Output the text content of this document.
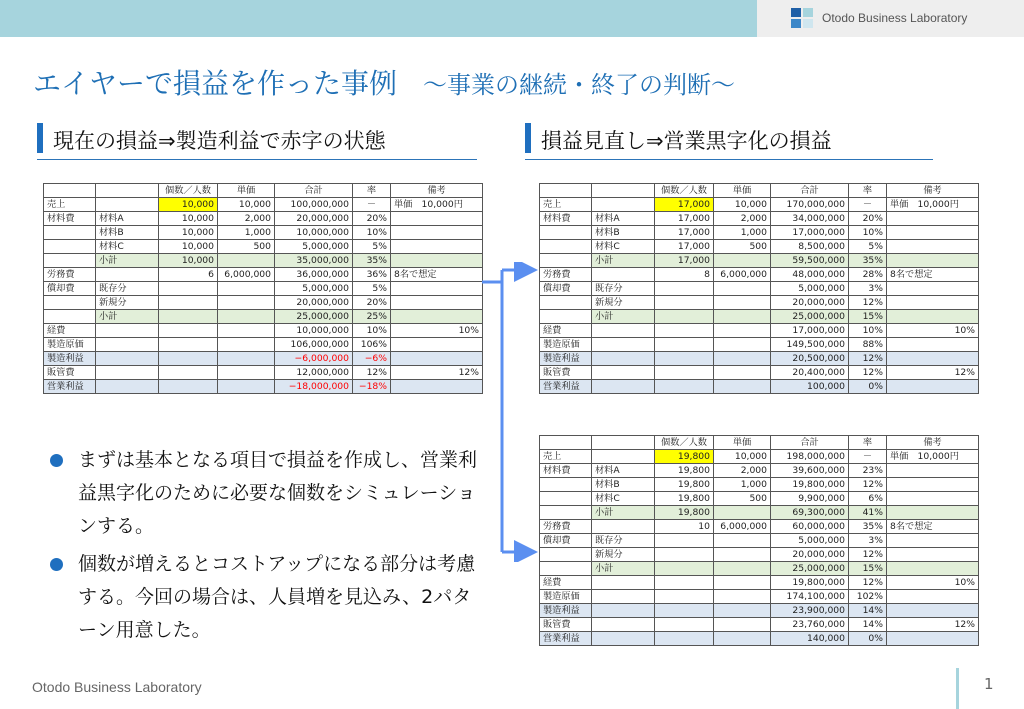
Otodo Business Laboratory
エイヤーで損益を作った事例 ～事業の継続・終了の判断～
現在の損益⇒製造利益で赤字の状態	損益見直し⇒営業黒字化の損益
		個数／人数	単価	合計	率	備考
売上		10,000	10,000	100,000,000	－	単価　10,000円
材料費	材料A	10,000	2,000	20,000,000	20%	
	材料B	10,000	1,000	10,000,000	10%	
	材料C	10,000	500	5,000,000	5%	
	小計	10,000		35,000,000	35%	
労務費		6	6,000,000	36,000,000	36%	8名で想定
償却費	既存分			5,000,000	5%	
	新規分			20,000,000	20%	
	小計			25,000,000	25%	
経費				10,000,000	10%	10%
製造原価				106,000,000	106%	
製造利益				−6,000,000	−6%	
販管費				12,000,000	12%	12%
営業利益				−18,000,000	−18%	
		個数／人数	単価	合計	率	備考
売上		17,000	10,000	170,000,000	－	単価　10,000円
材料費	材料A	17,000	2,000	34,000,000	20%	
	材料B	17,000	1,000	17,000,000	10%	
	材料C	17,000	500	8,500,000	5%	
	小計	17,000		59,500,000	35%	
労務費		8	6,000,000	48,000,000	28%	8名で想定
償却費	既存分			5,000,000	3%	
	新規分			20,000,000	12%	
	小計			25,000,000	15%	
経費				17,000,000	10%	10%
製造原価				149,500,000	88%	
製造利益				20,500,000	12%	
販管費				20,400,000	12%	12%
営業利益				100,000	0%	
		個数／人数	単価	合計	率	備考
売上		19,800	10,000	198,000,000	－	単価　10,000円
材料費	材料A	19,800	2,000	39,600,000	23%	
	材料B	19,800	1,000	19,800,000	12%	
	材料C	19,800	500	9,900,000	6%	
	小計	19,800		69,300,000	41%	
労務費		10	6,000,000	60,000,000	35%	8名で想定
償却費	既存分			5,000,000	3%	
	新規分			20,000,000	12%	
	小計			25,000,000	15%	
経費				19,800,000	12%	10%
製造原価				174,100,000	102%	
製造利益				23,900,000	14%	
販管費				23,760,000	14%	12%
営業利益				140,000	0%	
まずは基本となる項目で損益を作成し、営業利益黒字化のために必要な個数をシミュレーションする。
個数が増えるとコストアップになる部分は考慮する。今回の場合は、人員増を見込み、2パターン用意した。
Otodo Business Laboratory	1
